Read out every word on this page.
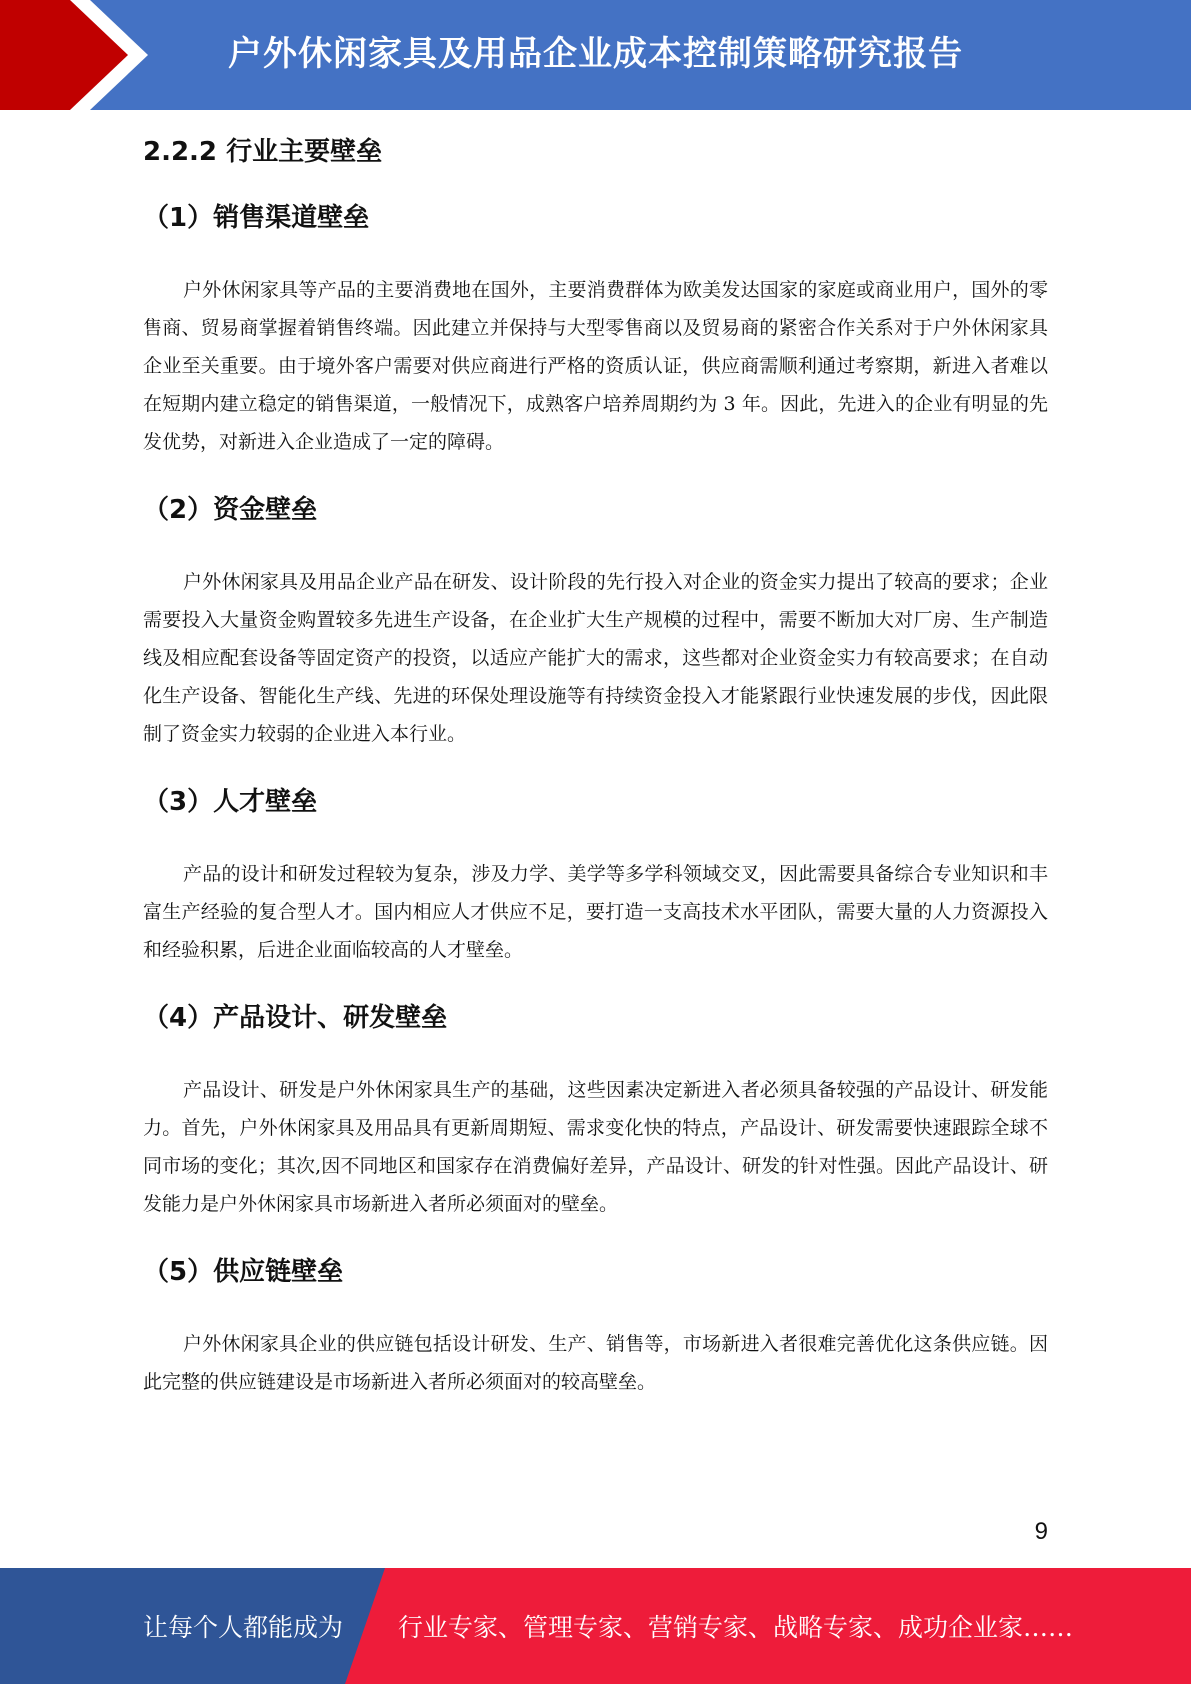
户外休闲家具及用品企业成本控制策略研究报告
2.2.2 行业主要壁垒
（1）销售渠道壁垒

户外休闲家具等产品的主要消费地在国外，主要消费群体为欧美发达国家的家庭或商业用户，国外的零售商、贸易商掌握着销售终端。因此建立并保持与大型零售商以及贸易商的紧密合作关系对于户外休闲家具企业至关重要。由于境外客户需要对供应商进行严格的资质认证，供应商需顺利通过考察期，新进入者难以在短期内建立稳定的销售渠道，一般情况下，成熟客户培养周期约为 3 年。因此，先进入的企业有明显的先发优势，对新进入企业造成了一定的障碍。

（2）资金壁垒

户外休闲家具及用品企业产品在研发、设计阶段的先行投入对企业的资金实力提出了较高的要求；企业需要投入大量资金购置较多先进生产设备，在企业扩大生产规模的过程中，需要不断加大对厂房、生产制造线及相应配套设备等固定资产的投资，以适应产能扩大的需求，这些都对企业资金实力有较高要求；在自动化生产设备、智能化生产线、先进的环保处理设施等有持续资金投入才能紧跟行业快速发展的步伐，因此限制了资金实力较弱的企业进入本行业。

（3）人才壁垒

产品的设计和研发过程较为复杂，涉及力学、美学等多学科领域交叉，因此需要具备综合专业知识和丰富生产经验的复合型人才。国内相应人才供应不足，要打造一支高技术水平团队，需要大量的人力资源投入和经验积累，后进企业面临较高的人才壁垒。

（4）产品设计、研发壁垒

产品设计、研发是户外休闲家具生产的基础，这些因素决定新进入者必须具备较强的产品设计、研发能力。首先，户外休闲家具及用品具有更新周期短、需求变化快的特点，产品设计、研发需要快速跟踪全球不同市场的变化；其次,因不同地区和国家存在消费偏好差异，产品设计、研发的针对性强。因此产品设计、研发能力是户外休闲家具市场新进入者所必须面对的壁垒。

（5）供应链壁垒

户外休闲家具企业的供应链包括设计研发、生产、销售等，市场新进入者很难完善优化这条供应链。因此完整的供应链建设是市场新进入者所必须面对的较高壁垒。

9
让每个人都能成为 行业专家、管理专家、营销专家、战略专家、成功企业家……
